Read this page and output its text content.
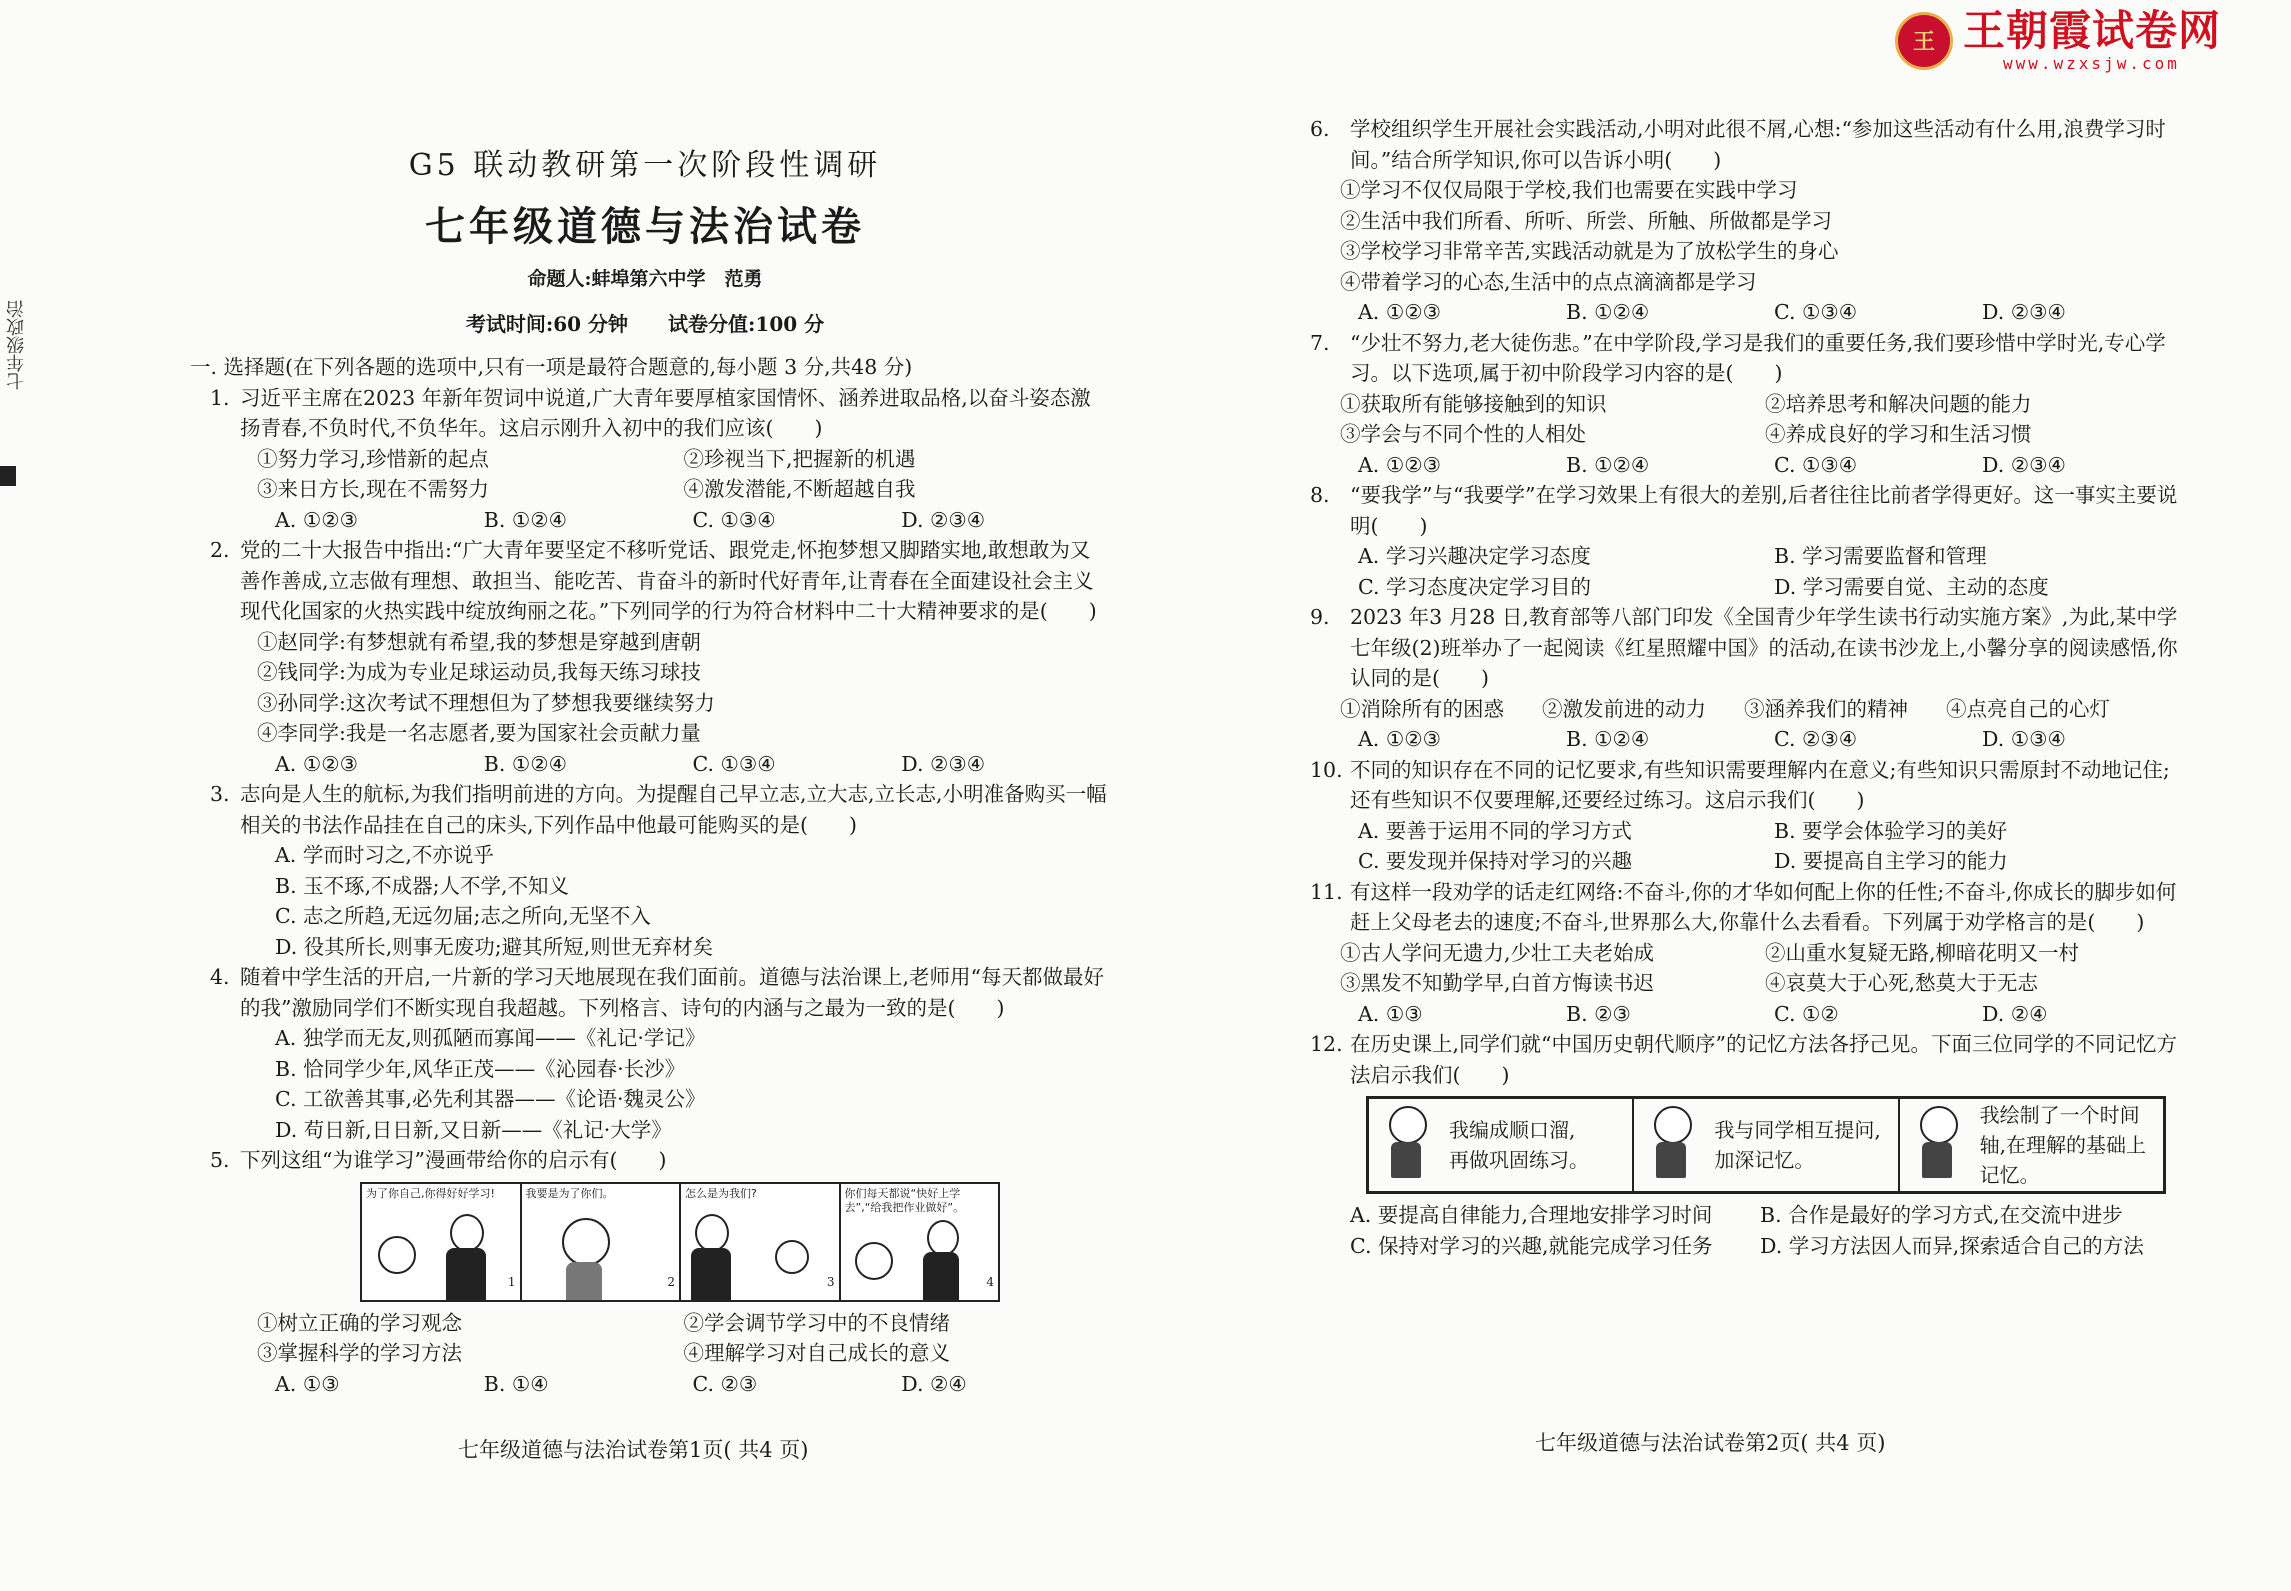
七年级政治
王 王朝霞试卷网
www.wzxsjw.com
G5 联动教研第一次阶段性调研
七年级道德与法治试卷
命题人:蚌埠第六中学　范勇
考试时间:60 分钟　　试卷分值:100 分
一. 选择题(在下列各题的选项中,只有一项是最符合题意的,每小题 3 分,共48 分)
1. 习近平主席在2023 年新年贺词中说道,广大青年要厚植家国情怀、涵养进取品格,以奋斗姿态激扬青春,不负时代,不负华年。这启示刚升入初中的我们应该(　　)
①努力学习,珍惜新的起点	②珍视当下,把握新的机遇
③来日方长,现在不需努力	④激发潜能,不断超越自我
A. ①②③	B. ①②④	C. ①③④	D. ②③④
2. 党的二十大报告中指出:“广大青年要坚定不移听党话、跟党走,怀抱梦想又脚踏实地,敢想敢为又善作善成,立志做有理想、敢担当、能吃苦、肯奋斗的新时代好青年,让青春在全面建设社会主义现代化国家的火热实践中绽放绚丽之花。”下列同学的行为符合材料中二十大精神要求的是(　　)
①赵同学:有梦想就有希望,我的梦想是穿越到唐朝
②钱同学:为成为专业足球运动员,我每天练习球技
③孙同学:这次考试不理想但为了梦想我要继续努力
④李同学:我是一名志愿者,要为国家社会贡献力量
A. ①②③	B. ①②④	C. ①③④	D. ②③④
3. 志向是人生的航标,为我们指明前进的方向。为提醒自己早立志,立大志,立长志,小明准备购买一幅相关的书法作品挂在自己的床头,下列作品中他最可能购买的是(　　)
A. 学而时习之,不亦说乎
B. 玉不琢,不成器;人不学,不知义
C. 志之所趋,无远勿届;志之所向,无坚不入
D. 役其所长,则事无废功;避其所短,则世无弃材矣
4. 随着中学生活的开启,一片新的学习天地展现在我们面前。道德与法治课上,老师用“每天都做最好的我”激励同学们不断实现自我超越。下列格言、诗句的内涵与之最为一致的是(　　)
A. 独学而无友,则孤陋而寡闻——《礼记·学记》
B. 恰同学少年,风华正茂——《沁园春·长沙》
C. 工欲善其事,必先利其器——《论语·魏灵公》
D. 苟日新,日日新,又日新——《礼记·大学》
5. 下列这组“为谁学习”漫画带给你的启示有(　　)
为了你自己,你得好好学习!
1
我要是为了你们。
2
怎么是为我们?
3
你们每天都说“快好上学去”,“给我把作业做好”。
4
①树立正确的学习观念	②学会调节学习中的不良情绪
③掌握科学的学习方法	④理解学习对自己成长的意义
A. ①③	B. ①④	C. ②③	D. ②④
七年级道德与法治试卷第1页( 共4 页)
6. 学校组织学生开展社会实践活动,小明对此很不屑,心想:“参加这些活动有什么用,浪费学习时间。”结合所学知识,你可以告诉小明(　　)
①学习不仅仅局限于学校,我们也需要在实践中学习
②生活中我们所看、所听、所尝、所触、所做都是学习
③学校学习非常辛苦,实践活动就是为了放松学生的身心
④带着学习的心态,生活中的点点滴滴都是学习
A. ①②③	B. ①②④	C. ①③④	D. ②③④
7. “少壮不努力,老大徒伤悲。”在中学阶段,学习是我们的重要任务,我们要珍惜中学时光,专心学习。以下选项,属于初中阶段学习内容的是(　　)
①获取所有能够接触到的知识	②培养思考和解决问题的能力
③学会与不同个性的人相处	④养成良好的学习和生活习惯
A. ①②③	B. ①②④	C. ①③④	D. ②③④
8. “要我学”与“我要学”在学习效果上有很大的差别,后者往往比前者学得更好。这一事实主要说明(　　)
A. 学习兴趣决定学习态度	B. 学习需要监督和管理
C. 学习态度决定学习目的	D. 学习需要自觉、主动的态度
9. 2023 年3 月28 日,教育部等八部门印发《全国青少年学生读书行动实施方案》,为此,某中学七年级(2)班举办了一起阅读《红星照耀中国》的活动,在读书沙龙上,小馨分享的阅读感悟,你认同的是(　　)
①消除所有的困惑 ②激发前进的动力 ③涵养我们的精神 ④点亮自己的心灯
A. ①②③	B. ①②④	C. ②③④	D. ①③④
10. 不同的知识存在不同的记忆要求,有些知识需要理解内在意义;有些知识只需原封不动地记住;还有些知识不仅要理解,还要经过练习。这启示我们(　　)
A. 要善于运用不同的学习方式	B. 要学会体验学习的美好
C. 要发现并保持对学习的兴趣	D. 要提高自主学习的能力
11. 有这样一段劝学的话走红网络:不奋斗,你的才华如何配上你的任性;不奋斗,你成长的脚步如何赶上父母老去的速度;不奋斗,世界那么大,你靠什么去看看。下列属于劝学格言的是(　　)
①古人学问无遗力,少壮工夫老始成	②山重水复疑无路,柳暗花明又一村
③黑发不知勤学早,白首方悔读书迟	④哀莫大于心死,愁莫大于无志
A. ①③	B. ②③	C. ①②	D. ②④
12. 在历史课上,同学们就“中国历史朝代顺序”的记忆方法各抒己见。下面三位同学的不同记忆方法启示我们(　　)
我编成顺口溜,再做巩固练习。
我与同学相互提问,加深记忆。
我绘制了一个时间轴,在理解的基础上记忆。
A. 要提高自律能力,合理地安排学习时间	B. 合作是最好的学习方式,在交流中进步
C. 保持对学习的兴趣,就能完成学习任务	D. 学习方法因人而异,探索适合自己的方法
七年级道德与法治试卷第2页( 共4 页)
